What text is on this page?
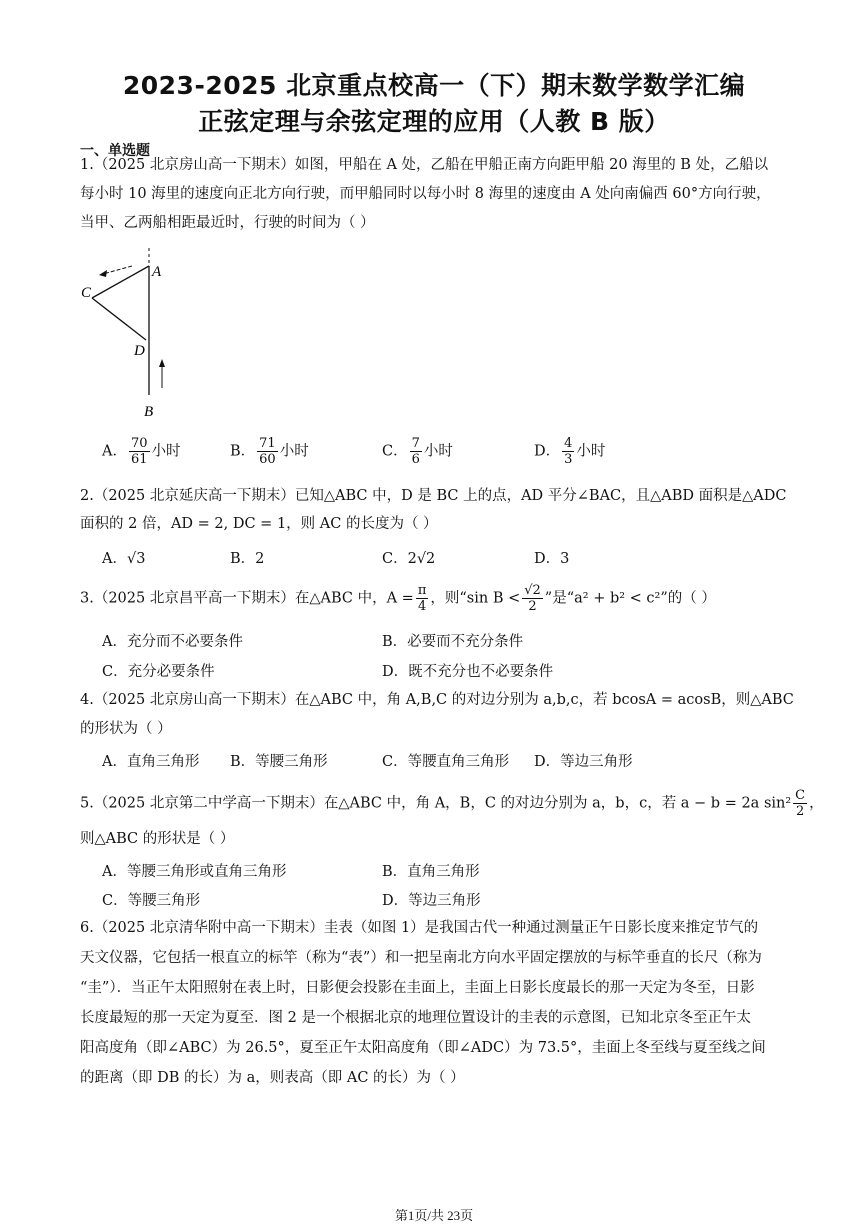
2023-2025 北京重点校高一（下）期末数学数学汇编
正弦定理与余弦定理的应用（人教 B 版）
一、单选题
1.（2025 北京房山高一下期末）如图，甲船在 A 处，乙船在甲船正南方向距甲船 20 海里的 B 处，乙船以
每小时 10 海里的速度向正北方向行驶，而甲船同时以每小时 8 海里的速度由 A 处向南偏西 60°方向行驶，
当甲、乙两船相距最近时，行驶的时间为（ ）
A
C
D
B
A． $\frac{70}{61}$ 小时	B． $\frac{71}{60}$ 小时	C． $\frac{7}{6}$ 小时	D． $\frac{4}{3}$ 小时
2.（2025 北京延庆高一下期末）已知△ABC 中，D 是 BC 上的点，AD 平分∠BAC，且△ABD 面积是△ADC
面积的 2 倍，AD = 2, DC = 1，则 AC 的长度为（ ）
A．√3	B．2	C．2√2	D．3
3.（2025 北京昌平高一下期末）在△ABC 中，$A = \frac{\pi}{4}$ ，则“sin $B < \frac{√2}{2}$ ”是“a² + b² < c²”的（ ）
A．充分而不必要条件	B．必要而不充分条件
C．充分必要条件	D．既不充分也不必要条件
4.（2025 北京房山高一下期末）在△ABC 中，角 A,B,C 的对边分别为 a,b,c，若 bcosA = acosB，则△ABC
的形状为（ ）
A．直角三角形 B．等腰三角形	C．等腰直角三角形 D．等边三角形
5.（2025 北京第二中学高一下期末）在△ABC 中，角 A，B，C 的对边分别为 a，b，c，若 a − b = 2a $\sin^2 \frac{C}{2}$ ，
则△ABC 的形状是（ ）
A．等腰三角形或直角三角形	B．直角三角形
C．等腰三角形	D．等边三角形
6.（2025 北京清华附中高一下期末）圭表（如图 1）是我国古代一种通过测量正午日影长度来推定节气的
天文仪器，它包括一根直立的标竿（称为“表”）和一把呈南北方向水平固定摆放的与标竿垂直的长尺（称为
“圭”）．当正午太阳照射在表上时，日影便会投影在圭面上，圭面上日影长度最长的那一天定为冬至，日影
长度最短的那一天定为夏至．图 2 是一个根据北京的地理位置设计的圭表的示意图，已知北京冬至正午太
阳高度角（即∠ABC）为 26.5°，夏至正午太阳高度角（即∠ADC）为 73.5°，圭面上冬至线与夏至线之间
的距离（即 DB 的长）为 a，则表高（即 AC 的长）为（ ）
第1页/共 23页
